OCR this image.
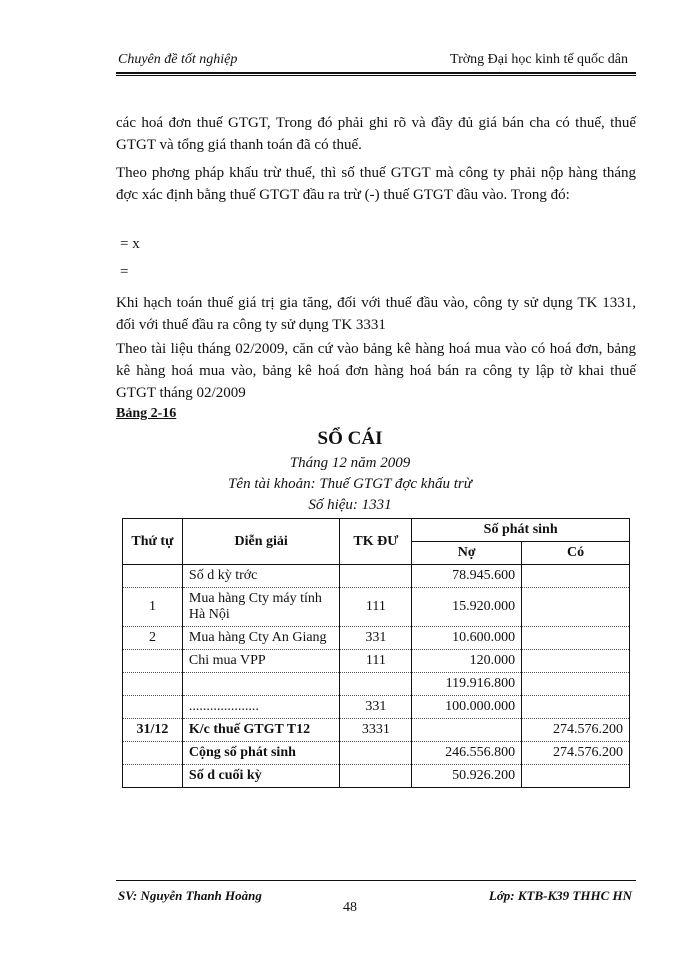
Chuyên đề tốt nghiệp	Trờng Đại học kinh tế quốc dân
các hoá đơn thuế GTGT, Trong đó phải ghi rõ và đầy đủ giá bán cha có thuế, thuế GTGT và tổng giá thanh toán đã có thuế.
Theo phơng pháp khấu trừ thuế, thì số thuế GTGT mà công ty phải nộp hàng tháng đợc xác định bằng thuế GTGT đầu ra trừ (-) thuế GTGT đầu vào. Trong đó:
= x
=
Khi hạch toán thuế giá trị gia tăng, đối với thuế đầu vào, công ty sử dụng TK 1331, đối với thuế đầu ra công ty sử dụng TK 3331
Theo tài liệu tháng 02/2009, căn cứ vào bảng kê hàng hoá mua vào có hoá đơn, bảng kê hàng hoá mua vào, bảng kê hoá đơn hàng hoá bán ra công ty lập tờ khai thuế GTGT tháng 02/2009
Bảng 2-16
SỔ CÁI
Tháng 12 năm 2009
Tên tài khoản: Thuế GTGT đợc khấu trừ
Số hiệu: 1331
Thứ tự	Diễn giải	TK ĐƯ	Số phát sinh	
			Nợ	Có
	Số d kỳ trớc		78.945.600	
1	Mua hàng Cty máy tính Hà Nội	111	15.920.000	
2	Mua hàng Cty An Giang	331	10.600.000	
	Chi mua VPP	111	120.000	
			119.916.800	
	....................	331	100.000.000	
31/12	K/c thuế GTGT T12	3331		274.576.200
	Cộng số phát sinh		246.556.800	274.576.200
	Số d cuối kỳ		50.926.200	
SV: Nguyễn Thanh Hoàng	Lớp: KTB-K39 THHC HN
48
